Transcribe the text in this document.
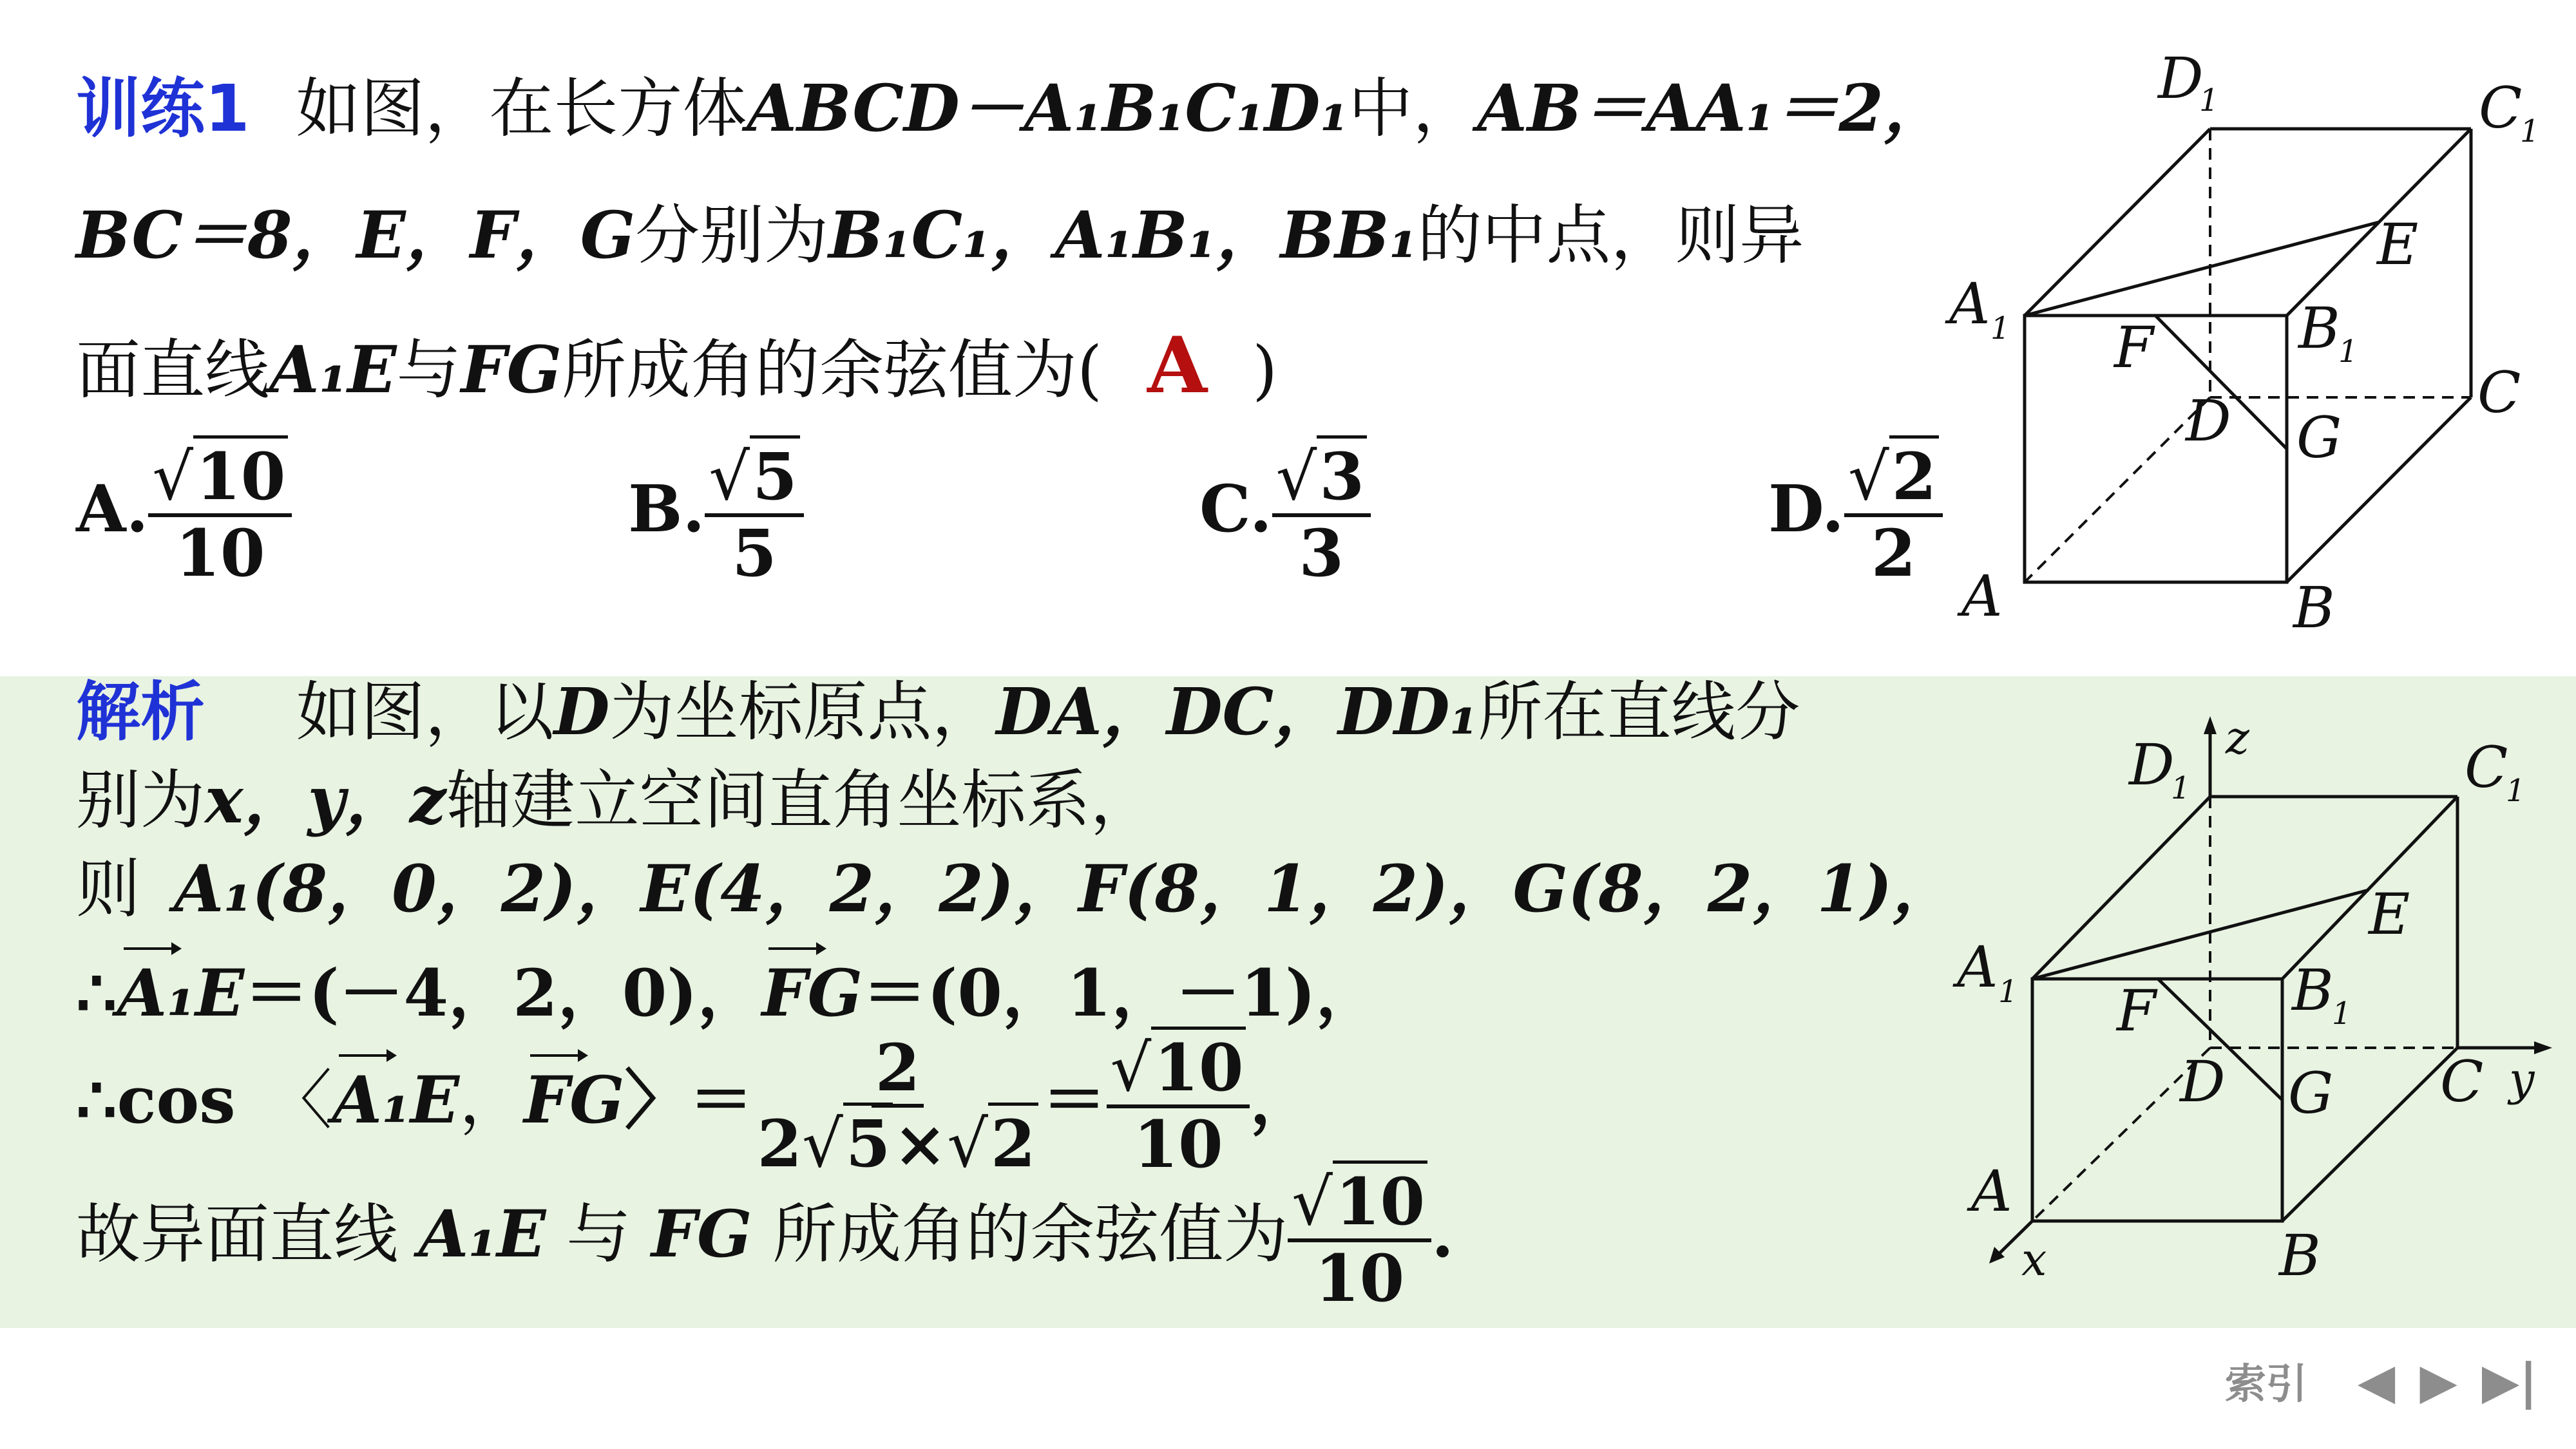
训练1 如图，在长方体ABCD－A₁B₁C₁D₁中，AB＝AA₁＝2，
BC＝8，E，F，G分别为B₁C₁，A₁B₁，BB₁的中点，则异
面直线A₁E与FG所成角的余弦值为( A )
A. $\frac{√10}{10}$	B. $\frac{√5}{5}$	C. $\frac{√3}{3}$	D. $\frac{√2}{2}$
D
1	C
1
A 1	B
1
E
F
D G
C
A	B
解析 如图，以D为坐标原点，DA，DC，DD₁所在直线分
别为x，y，z轴建立空间直角坐标系，
则 A₁(8，0，2)，E(4，2，2)，F(8，1，2)，G(8，2，1)，
∴
A₁E＝(－4，2，0)，
FG＝(0，1，－1)，
∴cos 〈
A₁E，
FG〉＝ $\frac{2}{2√5\times√2} = \frac{√10}{10}$ ，
故异面直线 A₁E 与 FG 所成角的余弦值为 $\frac{√10}{10}$ .
D
1
z	C
1
A 1	B
1
E
F
D G C y
A
x	B
索引 ◀ ▶ ▶|
